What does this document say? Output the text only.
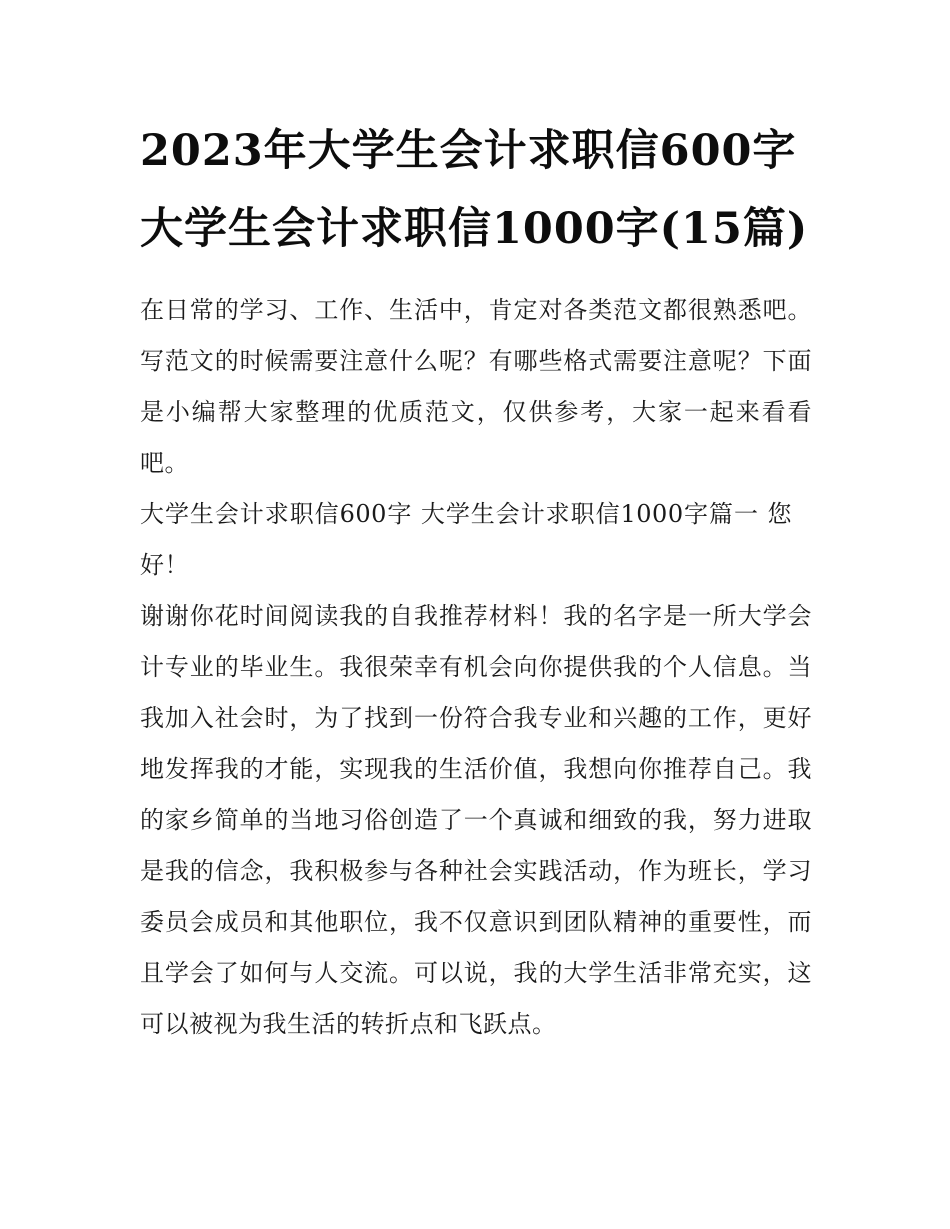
2023年大学生会计求职信600字 大学生会计求职信1000字(15篇)

在日常的学习、工作、生活中，肯定对各类范文都很熟悉吧。写范文的时候需要注意什么呢？有哪些格式需要注意呢？下面是小编帮大家整理的优质范文，仅供参考，大家一起来看看吧。

大学生会计求职信600字 大学生会计求职信1000字篇一 您好！

谢谢你花时间阅读我的自我推荐材料！我的名字是一所大学会计专业的毕业生。我很荣幸有机会向你提供我的个人信息。当我加入社会时，为了找到一份符合我专业和兴趣的工作，更好地发挥我的才能，实现我的生活价值，我想向你推荐自己。我的家乡简单的当地习俗创造了一个真诚和细致的我，努力进取是我的信念，我积极参与各种社会实践活动，作为班长，学习委员会成员和其他职位，我不仅意识到团队精神的重要性，而且学会了如何与人交流。可以说，我的大学生活非常充实，这可以被视为我生活的转折点和飞跃点。
